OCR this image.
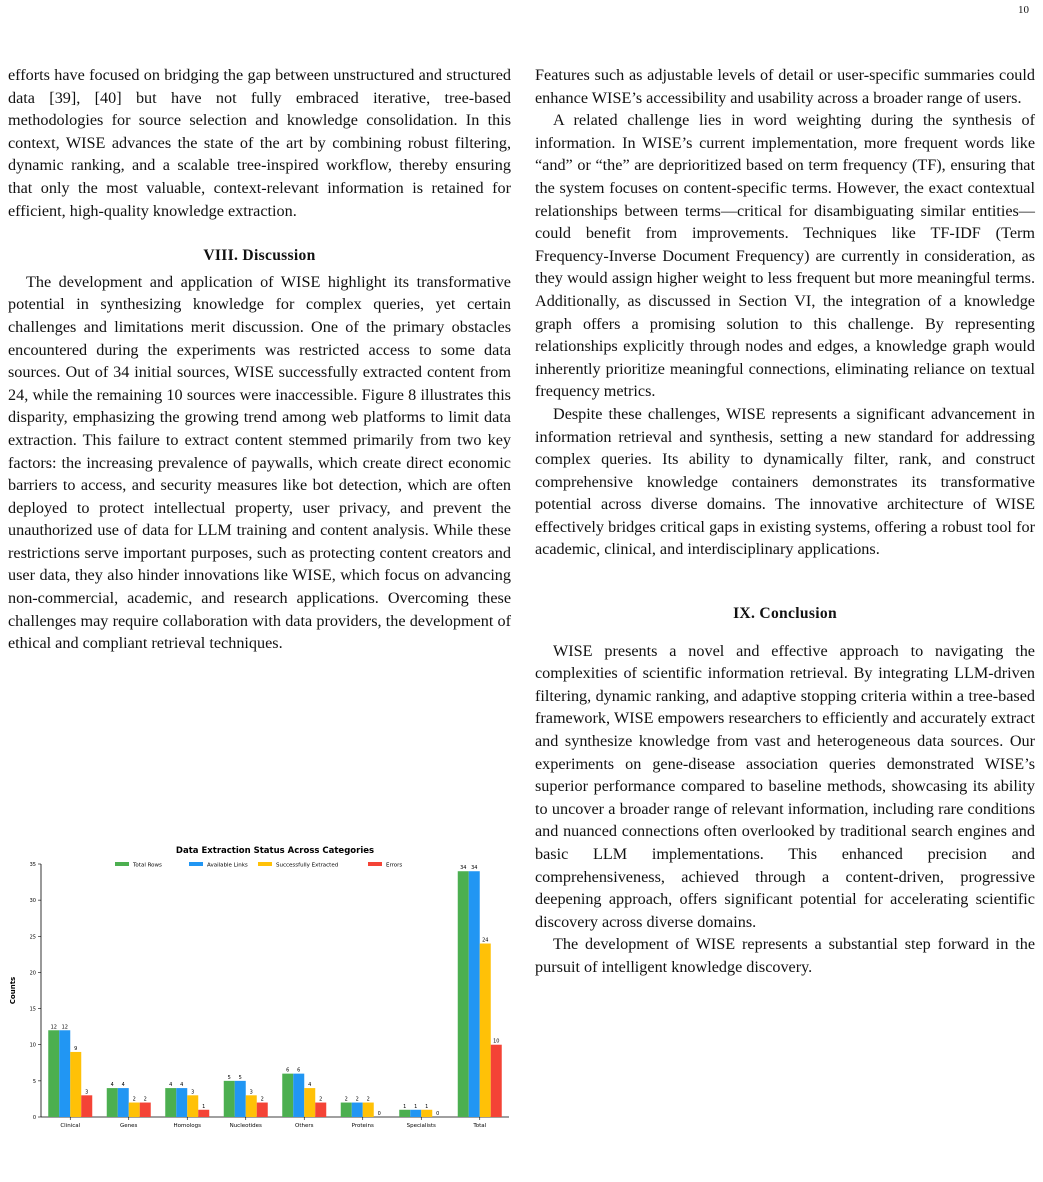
10

efforts have focused on bridging the gap between unstructured and structured data [39], [40] but have not fully embraced iterative, tree-based methodologies for source selection and knowledge consolidation. In this context, WISE advances the state of the art by combining robust filtering, dynamic ranking, and a scalable tree-inspired workflow, thereby ensuring that only the most valuable, context-relevant information is retained for efficient, high-quality knowledge extraction.

VIII. Discussion

The development and application of WISE highlight its transformative potential in synthesizing knowledge for complex queries, yet certain challenges and limitations merit discussion. One of the primary obstacles encountered during the experiments was restricted access to some data sources. Out of 34 initial sources, WISE successfully extracted content from 24, while the remaining 10 sources were inaccessible. Figure 8 illustrates this disparity, emphasizing the growing trend among web platforms to limit data extraction. This failure to extract content stemmed primarily from two key factors: the increasing prevalence of paywalls, which create direct economic barriers to access, and security measures like bot detection, which are often deployed to protect intellectual property, user privacy, and prevent the unauthorized use of data for LLM training and content analysis. While these restrictions serve important purposes, such as protecting content creators and user data, they also hinder innovations like WISE, which focus on advancing non-commercial, academic, and research applications. Overcoming these challenges may require collaboration with data providers, the development of ethical and compliant retrieval techniques.

Data Extraction Status Across Categories
Counts
0
5
10
15
20
25
30
35	Total Rows	Available Links	Successfully Extracted	Errors
12 12
9
3
Clinical
4 4
2 2
Genes
4 4
3
1
Homologs
5 5
3
2
Nucleotides
6 6
4
2
Others
2 2 2
0
Proteins
1 1 1
0
Specialists
34 34
24
10
Total

Features such as adjustable levels of detail or user-specific summaries could enhance WISE’s accessibility and usability across a broader range of users.

A related challenge lies in word weighting during the synthesis of information. In WISE’s current implementation, more frequent words like “and” or “the” are deprioritized based on term frequency (TF), ensuring that the system focuses on content-specific terms. However, the exact contextual relationships between terms—critical for disambiguating similar entities—could benefit from improvements. Techniques like TF-IDF (Term Frequency-Inverse Document Frequency) are currently in consideration, as they would assign higher weight to less frequent but more meaningful terms. Additionally, as discussed in Section VI, the integration of a knowledge graph offers a promising solution to this challenge. By representing relationships explicitly through nodes and edges, a knowledge graph would inherently prioritize meaningful connections, eliminating reliance on textual frequency metrics.

Despite these challenges, WISE represents a significant advancement in information retrieval and synthesis, setting a new standard for addressing complex queries. Its ability to dynamically filter, rank, and construct comprehensive knowledge containers demonstrates its transformative potential across diverse domains. The innovative architecture of WISE effectively bridges critical gaps in existing systems, offering a robust tool for academic, clinical, and interdisciplinary applications.

IX. Conclusion

WISE presents a novel and effective approach to navigating the complexities of scientific information retrieval. By integrating LLM-driven filtering, dynamic ranking, and adaptive stopping criteria within a tree-based framework, WISE empowers researchers to efficiently and accurately extract and synthesize knowledge from vast and heterogeneous data sources. Our experiments on gene-disease association queries demonstrated WISE’s superior performance compared to baseline methods, showcasing its ability to uncover a broader range of relevant information, including rare conditions and nuanced connections often overlooked by traditional search engines and basic LLM implementations. This enhanced precision and comprehensiveness, achieved through a content-driven, progressive deepening approach, offers significant potential for accelerating scientific discovery across diverse domains.

The development of WISE represents a substantial step forward in the pursuit of intelligent knowledge discovery.
